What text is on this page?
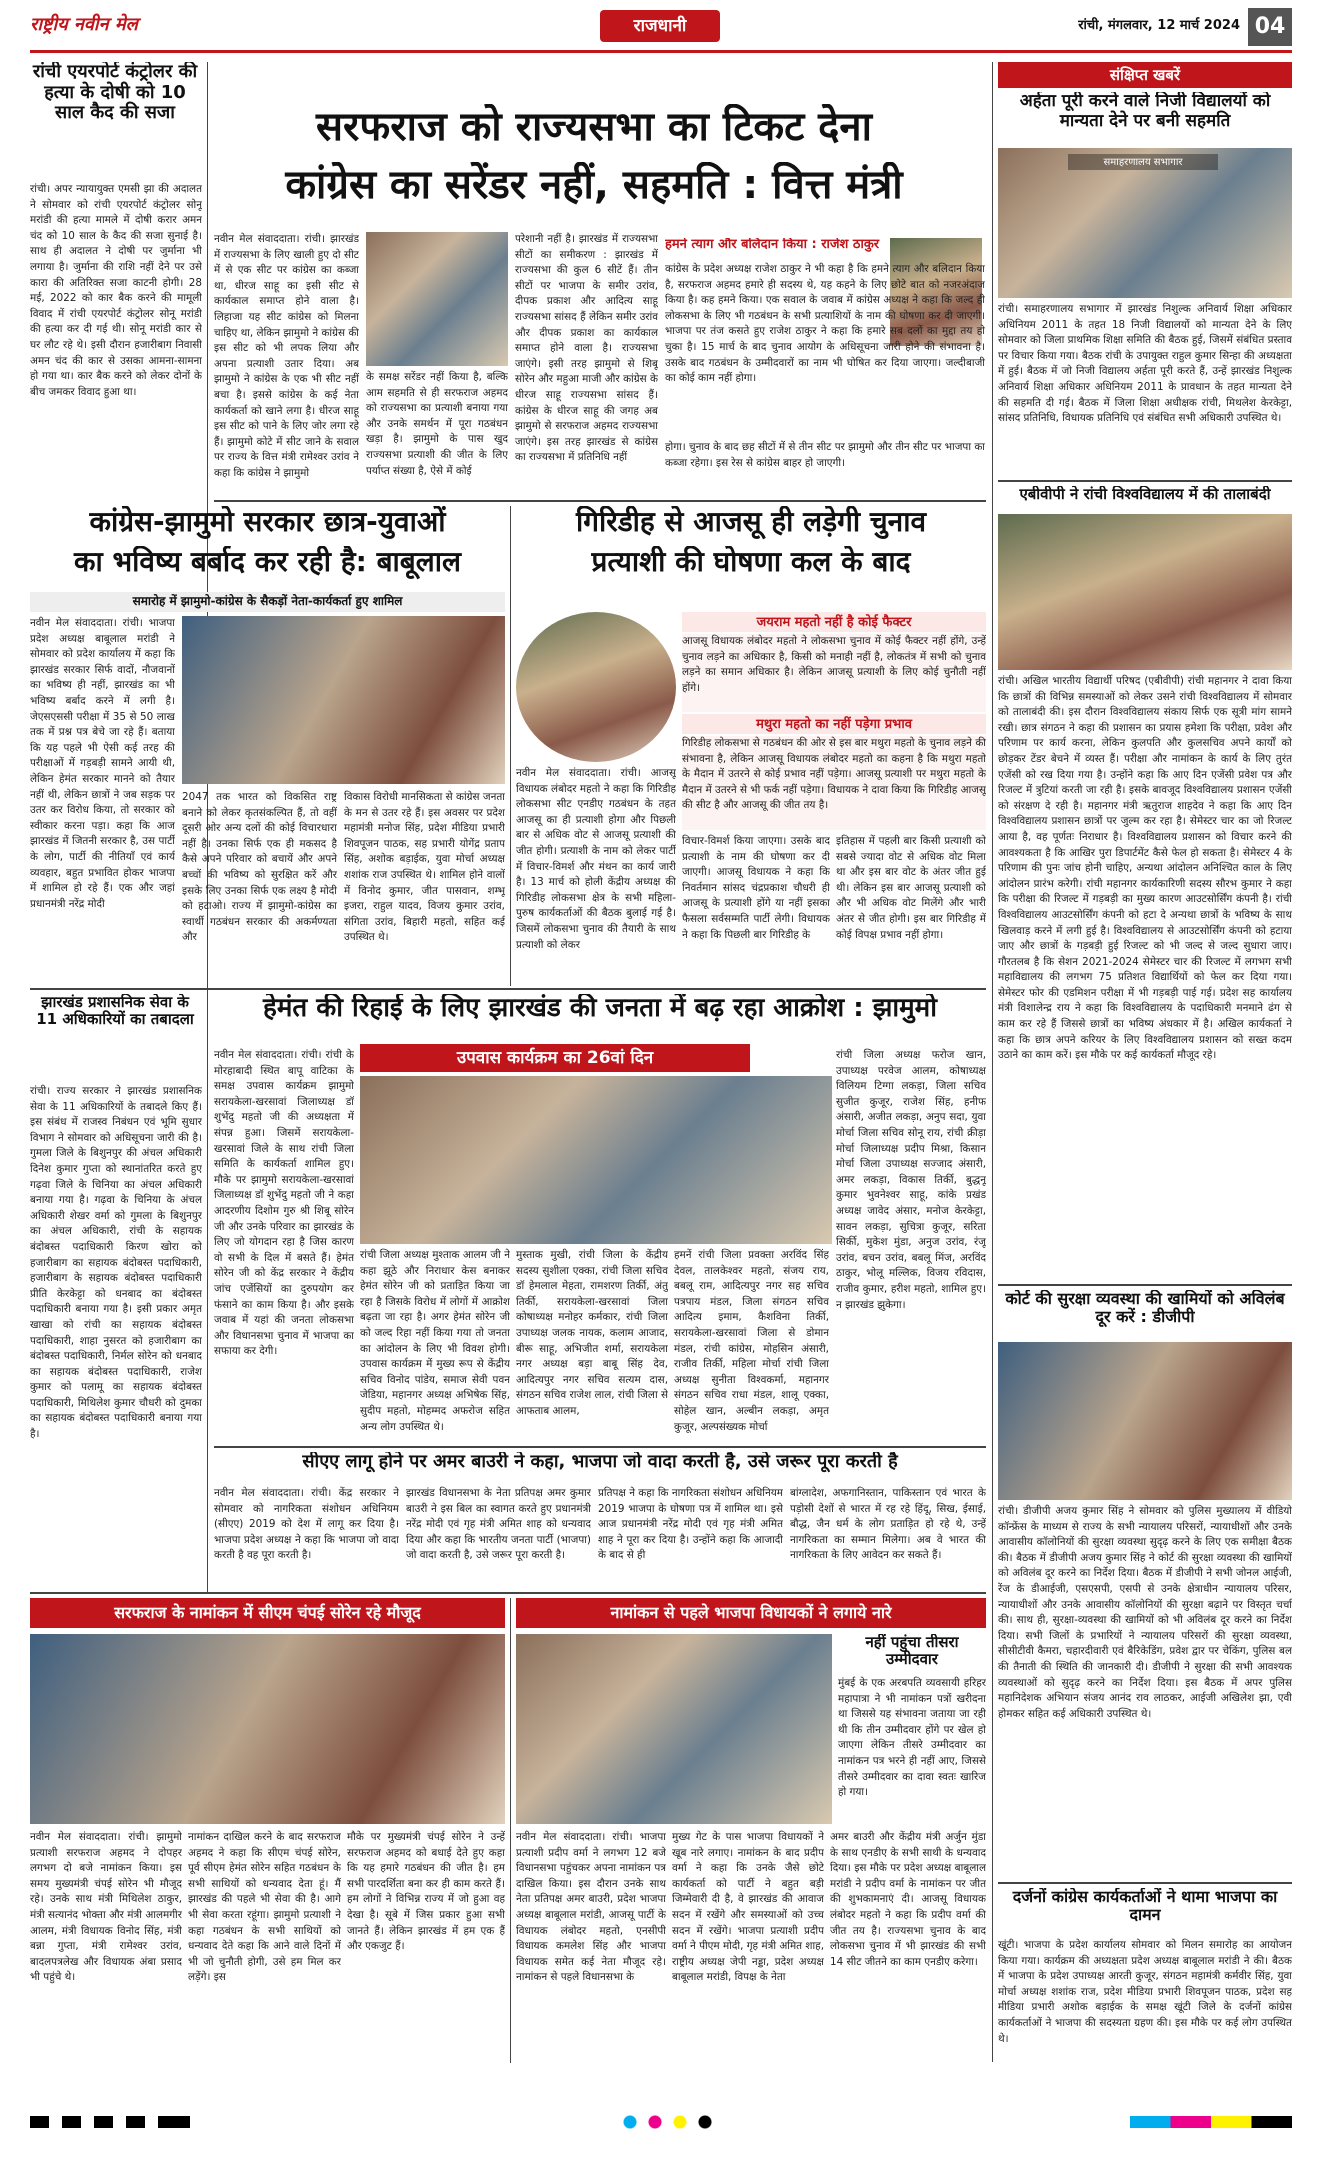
राष्ट्रीय नवीन मेल	राजधानी	रांची, मंगलवार, 12 मार्च 2024 04
रांची एयरपोर्ट कंट्रोलर की हत्या के दोषी को 10 साल कैद की सजा
रांची। अपर न्यायायुक्त एमसी झा की अदालत ने सोमवार को रांची एयरपोर्ट कंट्रोलर सोनू मरांडी की हत्या मामले में दोषी करार अमन चंद को 10 साल के कैद की सजा सुनाई है। साथ ही अदालत ने दोषी पर जुर्माना भी लगाया है। जुर्माना की राशि नहीं देने पर उसे कारा की अतिरिक्त सजा काटनी होगी। 28 मई, 2022 को कार बैक करने की मामूली विवाद में रांची एयरपोर्ट कंट्रोलर सोनू मरांडी की हत्या कर दी गई थी। सोनू मरांडी कार से घर लौट रहे थे। इसी दौरान हजारीबाग निवासी अमन चंद की कार से उसका आमना-सामना हो गया था। कार बैक करने को लेकर दोनों के बीच जमकर विवाद हुआ था।
सरफराज को राज्यसभा का टिकट देना
कांग्रेस का सरेंडर नहीं, सहमति : वित्त मंत्री
नवीन मेल संवाददाता। रांची। झारखंड में राज्यसभा के लिए खाली हुए दो सीट में से एक सीट पर कांग्रेस का कब्जा था, धीरज साहू का इसी सीट से कार्यकाल समाप्त होने वाला है। लिहाजा यह सीट कांग्रेस को मिलना चाहिए था, लेकिन झामुमो ने कांग्रेस की इस सीट को भी लपक लिया और अपना प्रत्याशी उतार दिया। अब झामुमो ने कांग्रेस के एक भी सीट नहीं बचा है। इससे कांग्रेस के कई नेता कार्यकर्ता को खाने लगा है। धीरज साहू इस सीट को पाने के लिए जोर लगा रहे हैं। झामुमो कोटे में सीट जाने के सवाल पर राज्य के वित्त मंत्री रामेश्वर उरांव ने कहा कि कांग्रेस ने झामुमो
के समक्ष सरेंडर नहीं किया है, बल्कि आम सहमति से ही सरफराज अहमद को राज्यसभा का प्रत्याशी बनाया गया और उनके समर्थन में पूरा गठबंधन खड़ा है। झामुमो के पास खुद राज्यसभा प्रत्याशी की जीत के लिए पर्याप्त संख्या है, ऐसे में कोई
परेशानी नहीं है। झारखंड में राज्यसभा सीटों का समीकरण : झारखंड में राज्यसभा की कुल 6 सीटें हैं। तीन सीटों पर भाजपा के समीर उरांव, दीपक प्रकाश और आदित्य साहू राज्यसभा सांसद हैं लेकिन समीर उरांव और दीपक प्रकाश का कार्यकाल समाप्त होने वाला है। राज्यसभा जाएंगे। इसी तरह झामुमो से शिबू सोरेन और महुआ माजी और कांग्रेस के धीरज साहू राज्यसभा सांसद हैं। कांग्रेस के धीरज साहू की जगह अब झामुमो से सरफराज अहमद राज्यसभा जाएंगे। इस तरह झारखंड से कांग्रेस का राज्यसभा में प्रतिनिधि नहीं
हमने त्याग और बलिदान किया : राजेश ठाकुर
कांग्रेस के प्रदेश अध्यक्ष राजेश ठाकुर ने भी कहा है कि हमने त्याग और बलिदान किया है, सरफराज अहमद हमारे ही सदस्य थे, यह कहने के लिए छोटे बात को नजरअंदाज किया है। कह हमने किया। एक सवाल के जवाब में कांग्रेस अध्यक्ष ने कहा कि जल्द ही लोकसभा के लिए भी गठबंधन के सभी प्रत्याशियों के नाम की घोषणा कर दी जाएगी। भाजपा पर तंज कसते हुए राजेश ठाकुर ने कहा कि हमारे सब दलों का मुद्दा तय हो चुका है। 15 मार्च के बाद चुनाव आयोग के अधिसूचना जारी होने की संभावना है। उसके बाद गठबंधन के उम्मीदवारों का नाम भी घोषित कर दिया जाएगा। जल्दीबाजी का कोई काम नहीं होगा।
होगा। चुनाव के बाद छह सीटों में से तीन सीट पर झामुमो और तीन सीट पर भाजपा का कब्जा रहेगा। इस रेस से कांग्रेस बाहर हो जाएगी।
कांग्रेस-झामुमो सरकार छात्र-युवाओं
का भविष्य बर्बाद कर रही है: बाबूलाल
समारोह में झामुमो-कांग्रेस के सैकड़ों नेता-कार्यकर्ता हुए शामिल
नवीन मेल संवाददाता। रांची। भाजपा प्रदेश अध्यक्ष बाबूलाल मरांडी ने सोमवार को प्रदेश कार्यालय में कहा कि झारखंड सरकार सिर्फ वादों, नौजवानों का भविष्य ही नहीं, झारखंड का भी भविष्य बर्बाद करने में लगी है। जेएसएससी परीक्षा में 35 से 50 लाख तक में प्रश्न पत्र बेचे जा रहे हैं। बताया कि यह पहले भी ऐसी कई तरह की परीक्षाओं में गड़बड़ी सामने आयी थी, लेकिन हेमंत सरकार मानने को तैयार नहीं थी, लेकिन छात्रों ने जब सड़क पर उतर कर विरोध किया, तो सरकार को स्वीकार करना पड़ा। कहा कि आज झारखंड में जितनी सरकार है, उस पार्टी के लोग, पार्टी की नीतियाँ एवं कार्य व्यवहार, बहुत प्रभावित होकर भाजपा में शामिल हो रहे हैं। एक और जहां प्रधानमंत्री नरेंद्र मोदी
2047 तक भारत को विकसित राष्ट्र बनाने को लेकर कृतसंकल्पित हैं, तो वहीं दूसरी ओर अन्य दलों की कोई विचारधारा नहीं है। उनका सिर्फ एक ही मकसद है कैसे अपने परिवार को बचायें और अपने बच्चों की भविष्य को सुरक्षित करें और इसके लिए उनका सिर्फ एक लक्ष्य है मोदी को हटाओ। राज्य में झामुमो-कांग्रेस का स्वार्थी गठबंधन सरकार की अकर्मण्यता और
विकास विरोधी मानसिकता से कांग्रेस जनता के मन से उतर रहे हैं। इस अवसर पर प्रदेश महामंत्री मनोज सिंह, प्रदेश मीडिया प्रभारी शिवपूजन पाठक, सह प्रभारी योगेंद्र प्रताप सिंह, अशोक बड़ाईक, युवा मोर्चा अध्यक्ष शशांक राज उपस्थित थे। शामिल होने वालों में विनोद कुमार, जीत पासवान, शम्भू इजरा, राहुल यादव, विजय कुमार उरांव, संगिता उरांव, बिहारी महतो, सहित कई उपस्थित थे।
गिरिडीह से आजसू ही लड़ेगी चुनाव
प्रत्याशी की घोषणा कल के बाद
जयराम महतो नहीं है कोई फैक्टर
आजसू विधायक लंबोदर महतो ने लोकसभा चुनाव में कोई फैक्टर नहीं होंगे, उन्हें चुनाव लड़ने का अधिकार है, किसी को मनाही नहीं है, लोकतंत्र में सभी को चुनाव लड़ने का समान अधिकार है। लेकिन आजसू प्रत्याशी के लिए कोई चुनौती नहीं होंगे।
मथुरा महतो का नहीं पड़ेगा प्रभाव
गिरिडीह लोकसभा से गठबंधन की ओर से इस बार मथुरा महतो के चुनाव लड़ने की संभावना है, लेकिन आजसू विधायक लंबोदर महतो का कहना है कि मथुरा महतो के मैदान में उतरने से कोई प्रभाव नहीं पड़ेगा। आजसू प्रत्याशी पर मथुरा महतो के मैदान में उतरने से भी फर्क नहीं पड़ेगा। विधायक ने दावा किया कि गिरिडीह आजसू की सीट है और आजसू की जीत तय है।
नवीन मेल संवाददाता। रांची। आजसू विधायक लंबोदर महतो ने कहा कि गिरिडीह लोकसभा सीट एनडीए गठबंधन के तहत आजसू का ही प्रत्याशी होगा और पिछली बार से अधिक वोट से आजसू प्रत्याशी की जीत होगी। प्रत्याशी के नाम को लेकर पार्टी में विचार-विमर्श और मंथन का कार्य जारी है। 13 मार्च को होली केंद्रीय अध्यक्ष की गिरिडीह लोकसभा क्षेत्र के सभी महिला-पुरुष कार्यकर्ताओं की बैठक बुलाई गई है। जिसमें लोकसभा चुनाव की तैयारी के साथ प्रत्याशी को लेकर
विचार-विमर्श किया जाएगा। उसके बाद प्रत्याशी के नाम की घोषणा कर दी जाएगी। आजसू विधायक ने कहा कि निवर्तमान सांसद चंद्रप्रकाश चौधरी ही आजसू के प्रत्याशी होंगे या नहीं इसका फैसला सर्वसम्मति पार्टी लेगी। विधायक ने कहा कि पिछली बार गिरिडीह के
इतिहास में पहली बार किसी प्रत्याशी को सबसे ज्यादा वोट से अधिक वोट मिला था और इस बार वोट के अंतर जीत हुई थी। लेकिन इस बार आजसू प्रत्याशी को और भी अधिक वोट मिलेंगे और भारी अंतर से जीत होगी। इस बार गिरिडीह में कोई विपक्ष प्रभाव नहीं होगा।
झारखंड प्रशासनिक सेवा के 11 अधिकारियों का तबादला
रांची। राज्य सरकार ने झारखंड प्रशासनिक सेवा के 11 अधिकारियों के तबादले किए हैं। इस संबंध में राजस्व निबंधन एवं भूमि सुधार विभाग ने सोमवार को अधिसूचना जारी की है। गुमला जिले के बिशुनपुर की अंचल अधिकारी दिनेश कुमार गुप्ता को स्थानांतरित करते हुए गढ़वा जिले के चिनिया का अंचल अधिकारी बनाया गया है। गढ़वा के चिनिया के अंचल अधिकारी शेखर वर्मा को गुमला के बिशुनपुर का अंचल अधिकारी, रांची के सहायक बंदोबस्त पदाधिकारी किरण खोरा को हजारीबाग का सहायक बंदोबस्त पदाधिकारी, हजारीबाग के सहायक बंदोबस्त पदाधिकारी प्रीति केरकेट्टा को धनबाद का बंदोबस्त पदाधिकारी बनाया गया है। इसी प्रकार अमृत खाखा को रांची का सहायक बंदोबस्त पदाधिकारी, शाहा नुसरत को हजारीबाग का बंदोबस्त पदाधिकारी, निर्मल सोरेन को धनबाद का सहायक बंदोबस्त पदाधिकारी, राजेश कुमार को पलामू का सहायक बंदोबस्त पदाधिकारी, मिथिलेश कुमार चौधरी को दुमका का सहायक बंदोबस्त पदाधिकारी बनाया गया है।
हेमंत की रिहाई के लिए झारखंड की जनता में बढ़ रहा आक्रोश : झामुमो
उपवास कार्यक्रम का 26वां दिन
नवीन मेल संवाददाता। रांची। रांची के मोरहाबादी स्थित बापू वाटिका के समक्ष उपवास कार्यक्रम झामुमो सरायकेला-खरसावां जिलाध्यक्ष डॉ शुभेंदु महतो जी की अध्यक्षता में संपन्न हुआ। जिसमें सरायकेला-खरसावां जिले के साथ रांची जिला समिति के कार्यकर्ता शामिल हुए। मौके पर झामुमो सरायकेला-खरसावां जिलाध्यक्ष डॉ शुभेंदु महतो जी ने कहा आदरणीय दिशोम गुरु श्री शिबू सोरेन जी और उनके परिवार का झारखंड के लिए जो योगदान रहा है जिस कारण वो सभी के दिल में बसते हैं। हेमंत सोरेन जी को केंद्र सरकार ने केंद्रीय जांच एजेंसियों का दुरुपयोग कर फंसाने का काम किया है। और इसके जवाब में यहां की जनता लोकसभा और विधानसभा चुनाव में भाजपा का सफाया कर देगी।
रांची जिला अध्यक्ष मुश्ताक आलम जी ने कहा झूठे और निराधार केस बनाकर हेमंत सोरेन जी को प्रताड़ित किया जा रहा है जिसके विरोध में लोगों में आक्रोश बढ़ता जा रहा है। अगर हेमंत सोरेन जी को जल्द रिहा नहीं किया गया तो जनता का आंदोलन के लिए भी विवश होगी। उपवास कार्यक्रम में मुख्य रूप से केंद्रीय सचिव विनोद पांडेय, समाज सेवी पवन जेडिया, महानगर अध्यक्ष अभिषेक सिंह, सुदीप महतो, मोहम्मद अफरोज सहित अन्य लोग उपस्थित थे।
मुस्ताक मुखी, रांची जिला के केंद्रीय सदस्य सुशीला एक्का, रांची जिला सचिव डॉ हेमलाल मेहता, रामशरण तिर्की, अंतु तिर्की, सरायकेला-खरसावां जिला कोषाध्यक्ष मनोहर कर्मकार, रांची जिला उपाध्यक्ष जलक नायक, कलाम आजाद, बीरू साहू, अभिजीत शर्मा, सरायकेला नगर अध्यक्ष बड़ा बाबू सिंह देव, आदित्यपुर नगर सचिव सत्यम दास, संगठन सचिव राजेश लाल, रांची जिला से आफताब आलम,
हमनें रांची जिला प्रवक्ता अरविंद सिंह देवल, तालकेश्वर महतो, संजय राय, बबलू राम, आदित्यपुर नगर सह सचिव पत्रपाय मंडल, जिला संगठन सचिव आदित्य इमाम, कैशविना तिर्की, सरायकेला-खरसावां जिला से डोमान मंडल, रांची कांग्रेस, मोहसिन अंसारी, राजीव तिर्की, महिला मोर्चा रांची जिला अध्यक्ष सुनीता विश्वकर्मा, महानगर संगठन सचिव राधा मंडल, शालू एक्का, सोहेल खान, अल्बीन लकड़ा, अमृत कुजूर, अल्पसंख्यक मोर्चा
रांची जिला अध्यक्ष फरोज खान, उपाध्यक्ष परवेज आलम, कोषाध्यक्ष विलियम टिग्गा लकड़ा, जिला सचिव सुजीत कुजूर, राजेश सिंह, हनीफ अंसारी, अजीत लकड़ा, अनुप सदा, युवा मोर्चा जिला सचिव सोनू राय, रांची क्रीड़ा मोर्चा जिलाध्यक्ष प्रदीप मिश्रा, किसान मोर्चा जिला उपाध्यक्ष सज्जाद अंसारी, अमर लकड़ा, विकास तिर्की, बुद्धनू कुमार भुवनेश्वर साहू, कांके प्रखंड अध्यक्ष जावेद अंसार, मनोज केरकेट्टा, सावन लकड़ा, सुचित्रा कुजूर, सरिता सिर्की, मुकेश मुंडा, अनुज उरांव, रंजू उरांव, बचन उरांव, बबलू मिंज, अरविंद ठाकुर, भोलू मल्लिक, विजय रविदास, राजीव कुमार, हरीश महतो, शामिल हुए। न झारखंड झुकेगा।
सीएए लागू होने पर अमर बाउरी ने कहा, भाजपा जो वादा करती है, उसे जरूर पूरा करती है
नवीन मेल संवाददाता। रांची। केंद्र सरकार ने सोमवार को नागरिकता संशोधन अधिनियम (सीएए) 2019 को देश में लागू कर दिया है। भाजपा प्रदेश अध्यक्ष ने कहा कि भाजपा जो वादा करती है वह पूरा करती है।
झारखंड विधानसभा के नेता प्रतिपक्ष अमर कुमार बाउरी ने इस बिल का स्वागत करते हुए प्रधानमंत्री नरेंद्र मोदी एवं गृह मंत्री अमित शाह को धन्यवाद दिया और कहा कि भारतीय जनता पार्टी (भाजपा) जो वादा करती है, उसे जरूर पूरा करती है।
प्रतिपक्ष ने कहा कि नागरिकता संशोधन अधिनियम 2019 भाजपा के घोषणा पत्र में शामिल था। इसे आज प्रधानमंत्री नरेंद्र मोदी एवं गृह मंत्री अमित शाह ने पूरा कर दिया है। उन्होंने कहा कि आजादी के बाद से ही
बांग्लादेश, अफगानिस्तान, पाकिस्तान एवं भारत के पड़ोसी देशों से भारत में रह रहे हिंदू, सिख, ईसाई, बौद्ध, जैन धर्म के लोग प्रताड़ित हो रहे थे, उन्हें नागरिकता का सम्मान मिलेगा। अब वे भारत की नागरिकता के लिए आवेदन कर सकते हैं।
सरफराज के नामांकन में सीएम चंपई सोरेन रहे मौजूद
नवीन मेल संवाददाता। रांची। झामुमो प्रत्याशी सरफराज अहमद ने दोपहर लगभग दो बजे नामांकन किया। इस समय मुख्यमंत्री चंपई सोरेन भी मौजूद रहे। उनके साथ मंत्री मिथिलेश ठाकुर, मंत्री सत्यानंद भोक्ता और मंत्री आलमगीर आलम, मंत्री विधायक विनोद सिंह, मंत्री बन्ना गुप्ता, मंत्री रामेश्वर उरांव, बादलपत्रलेख और विधायक अंबा प्रसाद भी पहुंचे थे।
नामांकन दाखिल करने के बाद सरफराज अहमद ने कहा कि सीएम चंपई सोरेन, पूर्व सीएम हेमंत सोरेन सहित गठबंधन के सभी साथियों को धन्यवाद देता हूं। मैं झारखंड की पहले भी सेवा की है। आगे भी सेवा करता रहूंगा। झामुमो प्रत्याशी ने कहा गठबंधन के सभी साथियों को धन्यवाद देते कहा कि आने वाले दिनों में भी जो चुनौती होगी, उसे हम मिल कर लड़ेंगे। इस
मौके पर मुख्यमंत्री चंपई सोरेन ने उन्हें सरफराज अहमद को बधाई देते हुए कहा कि यह हमारे गठबंधन की जीत है। हम सभी पारदर्शिता बना कर ही काम करते हैं। हम लोगों ने विभिन्न राज्य में जो हुआ वह देखा है। सूबे में जिस प्रकार हुआ सभी जानते हैं। लेकिन झारखंड में हम एक हैं और एकजुट हैं।
नामांकन से पहले भाजपा विधायकों ने लगाये नारे
नहीं पहुंचा तीसरा उम्मीदवार
मुंबई के एक अरबपति व्यवसायी हरिहर महापात्रा ने भी नामांकन पत्रों खरीदना था जिससे यह संभावना जताया जा रही थी कि तीन उम्मीदवार होंगे पर खेल हो जाएगा लेकिन तीसरे उम्मीदवार का नामांकन पत्र भरने ही नहीं आए, जिससे तीसरे उम्मीदवार का दावा स्वतः खारिज हो गया।
नवीन मेल संवाददाता। रांची। भाजपा प्रत्याशी प्रदीप वर्मा ने लगभग 12 बजे विधानसभा पहुंचकर अपना नामांकन पत्र दाखिल किया। इस दौरान उनके साथ नेता प्रतिपक्ष अमर बाउरी, प्रदेश भाजपा अध्यक्ष बाबूलाल मरांडी, आजसू पार्टी के विधायक लंबोदर महतो, एनसीपी विधायक कमलेश सिंह और भाजपा विधायक समेत कई नेता मौजूद रहे। नामांकन से पहले विधानसभा के
मुख्य गेट के पास भाजपा विधायकों ने खूब नारे लगाए। नामांकन के बाद प्रदीप वर्मा ने कहा कि उनके जैसे छोटे कार्यकर्ता को पार्टी ने बहुत बड़ी जिम्मेवारी दी है, वे झारखंड की आवाज सदन में रखेंगे और समस्याओं को उच्च सदन में रखेंगे। भाजपा प्रत्याशी प्रदीप वर्मा ने पीएम मोदी, गृह मंत्री अमित शाह, राष्ट्रीय अध्यक्ष जेपी नड्डा, प्रदेश अध्यक्ष बाबूलाल मरांडी, विपक्ष के नेता
अमर बाउरी और केंद्रीय मंत्री अर्जुन मुंडा के साथ एनडीए के सभी साथी के धन्यवाद दिया। इस मौके पर प्रदेश अध्यक्ष बाबूलाल मरांडी ने प्रदीप वर्मा के नामांकन पर जीत की शुभकामनाएं दी। आजसू विधायक लंबोदर महतो ने कहा कि प्रदीप वर्मा की जीत तय है। राज्यसभा चुनाव के बाद लोकसभा चुनाव में भी झारखंड की सभी 14 सीट जीतने का काम एनडीए करेगा।
संक्षिप्त खबरें
अर्हता पूरी करने वाले निजी विद्यालयों को मान्यता देने पर बनी सहमति
समाहरणालय सभागार
रांची। समाहरणालय सभागार में झारखंड निशुल्क अनिवार्य शिक्षा अधिकार अधिनियम 2011 के तहत 18 निजी विद्यालयों को मान्यता देने के लिए सोमवार को जिला प्राथमिक शिक्षा समिति की बैठक हुई, जिसमें संबंधित प्रस्ताव पर विचार किया गया। बैठक रांची के उपायुक्त राहुल कुमार सिन्हा की अध्यक्षता में हुई। बैठक में जो निजी विद्यालय अर्हता पूरी करते हैं, उन्हें झारखंड निशुल्क अनिवार्य शिक्षा अधिकार अधिनियम 2011 के प्रावधान के तहत मान्यता देने की सहमति दी गई। बैठक में जिला शिक्षा अधीक्षक रांची, मिथलेश केरकेट्टा, सांसद प्रतिनिधि, विधायक प्रतिनिधि एवं संबंधित सभी अधिकारी उपस्थित थे।
एबीवीपी ने रांची विश्वविद्यालय में की तालाबंदी
रांची। अखिल भारतीय विद्यार्थी परिषद (एबीवीपी) रांची महानगर ने दावा किया कि छात्रों की विभिन्न समस्याओं को लेकर उसने रांची विश्वविद्यालय में सोमवार को तालाबंदी की। इस दौरान विश्वविद्यालय संकाय सिर्फ एक सूत्री मांग सामने रखी। छात्र संगठन ने कहा की प्रशासन का प्रयास हमेशा कि परीक्षा, प्रवेश और परिणाम पर कार्य करना, लेकिन कुलपति और कुलसचिव अपने कार्यों को छोड़कर टेंडर बेचने में व्यस्त हैं। परीक्षा और नामांकन के कार्य के लिए तुरंत एजेंसी को रख दिया गया है। उन्होंने कहा कि आए दिन एजेंसी प्रवेश पत्र और रिजल्ट में त्रुटियां करती जा रही है। इसके बावजूद विश्वविद्यालय प्रशासन एजेंसी को संरक्षण दे रही है। महानगर मंत्री ऋतुराज शाहदेव ने कहा कि आए दिन विश्वविद्यालय प्रशासन छात्रों पर जुल्म कर रहा है। सेमेस्टर चार का जो रिजल्ट आया है, वह पूर्णतः निराधार है। विश्वविद्यालय प्रशासन को विचार करने की आवश्यकता है कि आखिर पुरा डिपार्टमेंट कैसे फेल हो सकता है। सेमेस्टर 4 के परिणाम की पुनः जांच होनी चाहिए, अन्यथा आंदोलन अनिश्चित काल के लिए आंदोलन प्रारंभ करेगी। रांची महानगर कार्यकारिणी सदस्य सौरभ कुमार ने कहा कि परीक्षा की रिजल्ट में गड़बड़ी का मुख्य कारण आउटसोर्सिंग कंपनी है। रांची विश्वविद्यालय आउटसोर्सिंग कंपनी को हटा दे अन्यथा छात्रों के भविष्य के साथ खिलवाड़ करने में लगी हुई है। विश्वविद्यालय से आउटसोर्सिंग कंपनी को हटाया जाए और छात्रों के गड़बड़ी हुई रिजल्ट को भी जल्द से जल्द सुधारा जाए। गौरतलब है कि सेशन 2021-2024 सेमेस्टर चार की रिजल्ट में लगभग सभी महाविद्यालय की लगभग 75 प्रतिशत विद्यार्थियों को फेल कर दिया गया। सेमेस्टर फोर की एडमिशन परीक्षा में भी गड़बड़ी पाई गई। प्रदेश सह कार्यालय मंत्री विशालेन्द्र राय ने कहा कि विश्वविद्यालय के पदाधिकारी मनमाने ढंग से काम कर रहे हैं जिससे छात्रों का भविष्य अंधकार में है। अखिल कार्यकर्ता ने कहा कि छात्र अपने करियर के लिए विश्वविद्यालय प्रशासन को सख्त कदम उठाने का काम करें। इस मौके पर कई कार्यकर्ता मौजूद रहे।
कोर्ट की सुरक्षा व्यवस्था की खामियों को अविलंब दूर करें : डीजीपी
रांची। डीजीपी अजय कुमार सिंह ने सोमवार को पुलिस मुख्यालय में वीडियो कॉन्फ्रेंस के माध्यम से राज्य के सभी न्यायालय परिसरों, न्यायाधीशों और उनके आवासीय कॉलोनियों की सुरक्षा व्यवस्था सुदृढ़ करने के लिए एक समीक्षा बैठक की। बैठक में डीजीपी अजय कुमार सिंह ने कोर्ट की सुरक्षा व्यवस्था की खामियों को अविलंब दूर करने का निर्देश दिया। बैठक में डीजीपी ने सभी जोनल आईजी, रेंज के डीआईजी, एसएसपी, एसपी से उनके क्षेत्राधीन न्यायालय परिसर, न्यायाधीशों और उनके आवासीय कॉलोनियों की सुरक्षा बढ़ाने पर विस्तृत चर्चा की। साथ ही, सुरक्षा-व्यवस्था की खामियों को भी अविलंब दूर करने का निर्देश दिया। सभी जिलों के प्रभारियों ने न्यायालय परिसरों की सुरक्षा व्यवस्था, सीसीटीवी कैमरा, चहारदीवारी एवं बैरिकेडिंग, प्रवेश द्वार पर चेकिंग, पुलिस बल की तैनाती की स्थिति की जानकारी दी। डीजीपी ने सुरक्षा की सभी आवश्यक व्यवस्थाओं को सुदृढ़ करने का निर्देश दिया। इस बैठक में अपर पुलिस महानिदेशक अभियान संजय आनंद राव लाठकर, आईजी अखिलेश झा, एवी होमकर सहित कई अधिकारी उपस्थित थे।
दर्जनों कांग्रेस कार्यकर्ताओं ने थामा भाजपा का दामन
खूंटी। भाजपा के प्रदेश कार्यालय सोमवार को मिलन समारोह का आयोजन किया गया। कार्यक्रम की अध्यक्षता प्रदेश अध्यक्ष बाबूलाल मरांडी ने की। बैठक में भाजपा के प्रदेश उपाध्यक्ष आरती कुजूर, संगठन महामंत्री कर्मवीर सिंह, युवा मोर्चा अध्यक्ष शशांक राज, प्रदेश मीडिया प्रभारी शिवपूजन पाठक, प्रदेश सह मीडिया प्रभारी अशोक बड़ाईक के समक्ष खूंटी जिले के दर्जनों कांग्रेस कार्यकर्ताओं ने भाजपा की सदस्यता ग्रहण की। इस मौके पर कई लोग उपस्थित थे।
